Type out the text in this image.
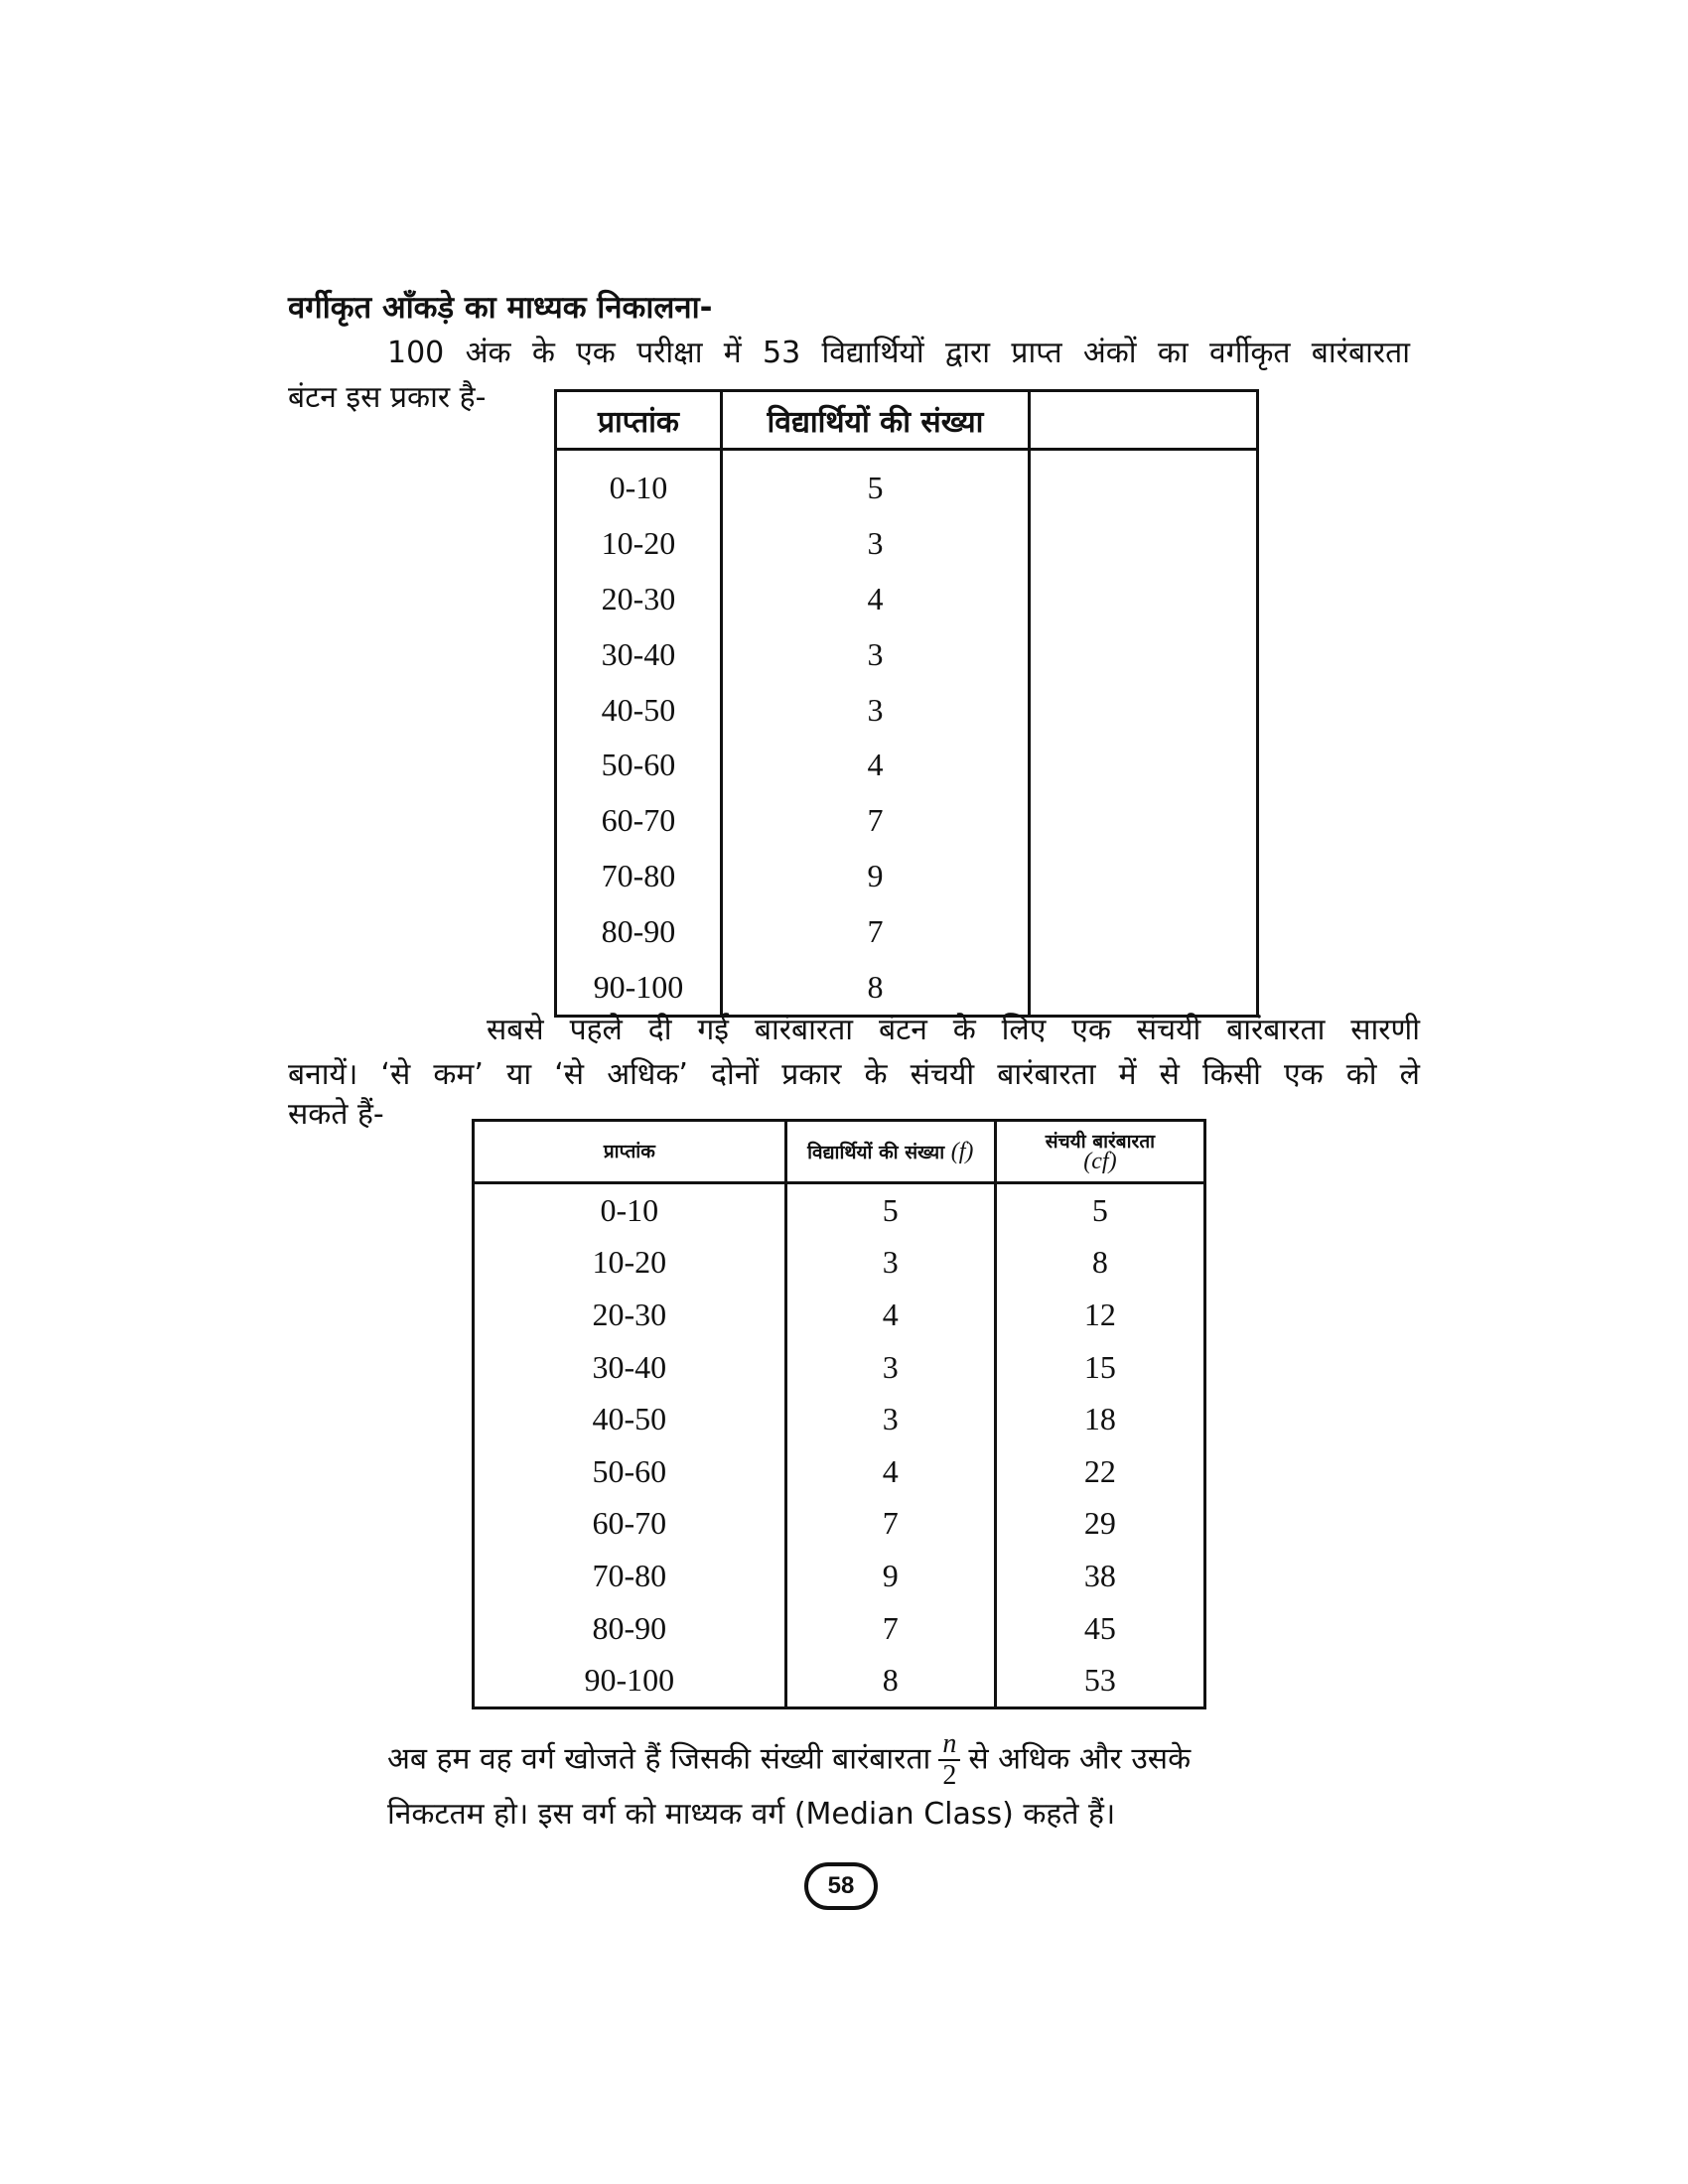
वर्गीकृत आँकड़े का माध्यक निकालना-
100 अंक के एक परीक्षा में 53 विद्यार्थियों द्वारा प्राप्त अंकों का वर्गीकृत बारंबारता
बंटन इस प्रकार है-
प्राप्तांक	विद्यार्थियों की संख्या	
0-10	5	
10-20	3	
20-30	4	
30-40	3	
40-50	3	
50-60	4	
60-70	7	
70-80	9	
80-90	7	
90-100	8	
सबसे पहले दी गई बारंबारता बंटन के लिए एक संचयी बारंबारता सारणी
बनायें। ‘से कम’ या ‘से अधिक’ दोनों प्रकार के संचयी बारंबारता में से किसी एक को ले
सकते हैं-
प्राप्तांक	विद्यार्थियों की संख्या (f)	संचयी बारंबारता
(cf)
0-10	5	5
10-20	3	8
20-30	4	12
30-40	3	15
40-50	3	18
50-60	4	22
60-70	7	29
70-80	9	38
80-90	7	45
90-100	8	53
अब हम वह वर्ग खोजते हैं जिसकी संख्यी बारंबारता $\frac{n}{2}$ से अधिक और उसके
निकटतम हो। इस वर्ग को माध्यक वर्ग (Median Class) कहते हैं।
58
